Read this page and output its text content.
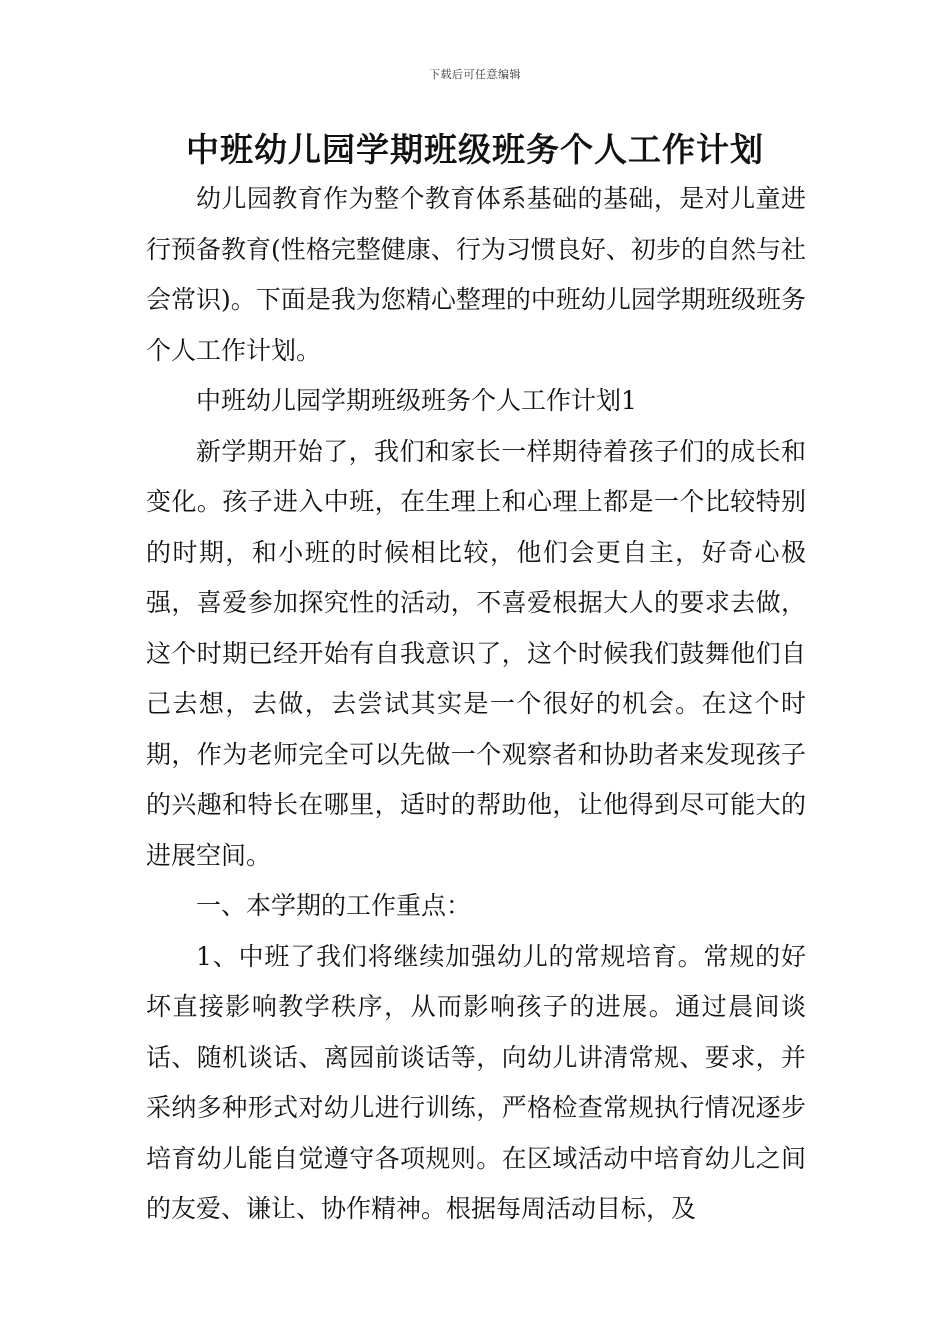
下载后可任意编辑
中班幼儿园学期班级班务个人工作计划

幼儿园教育作为整个教育体系基础的基础，是对儿童进行预备教育(性格完整健康、行为习惯良好、初步的自然与社会常识)。下面是我为您精心整理的中班幼儿园学期班级班务个人工作计划。

中班幼儿园学期班级班务个人工作计划1

新学期开始了，我们和家长一样期待着孩子们的成长和变化。孩子进入中班，在生理上和心理上都是一个比较特别的时期，和小班的时候相比较，他们会更自主，好奇心极强，喜爱参加探究性的活动，不喜爱根据大人的要求去做，这个时期已经开始有自我意识了，这个时候我们鼓舞他们自己去想，去做，去尝试其实是一个很好的机会。在这个时期，作为老师完全可以先做一个观察者和协助者来发现孩子的兴趣和特长在哪里，适时的帮助他，让他得到尽可能大的进展空间。

一、本学期的工作重点：

1、中班了我们将继续加强幼儿的常规培育。常规的好坏直接影响教学秩序，从而影响孩子的进展。通过晨间谈话、随机谈话、离园前谈话等，向幼儿讲清常规、要求，并采纳多种形式对幼儿进行训练，严格检查常规执行情况逐步培育幼儿能自觉遵守各项规则。在区域活动中培育幼儿之间的友爱、谦让、协作精神。根据每周活动目标，及
